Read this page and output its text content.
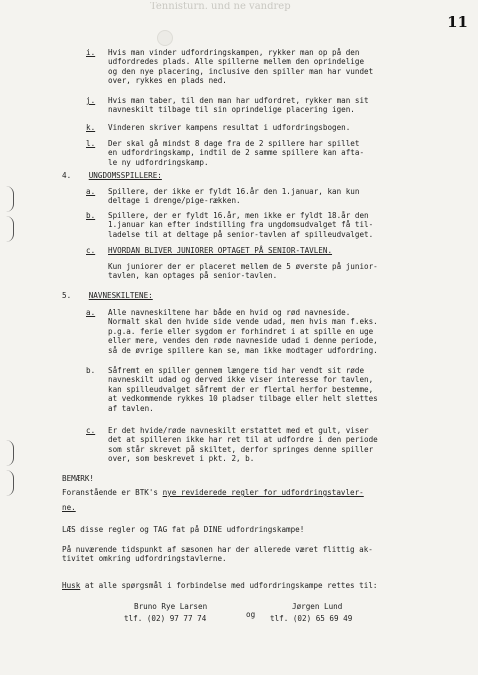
Tennisturn. und ne vandrep
11
i. Hvis man vinder udfordringskampen, rykker man op på den
udfordredes plads. Alle spillerne mellem den oprindelige
og den nye placering, inclusive den spiller man har vundet
over, rykkes en plads ned.
j. Hvis man taber, til den man har udfordret, rykker man sit
navneskilt tilbage til sin oprindelige placering igen.
k. Vinderen skriver kampens resultat i udfordringsbogen.
l. Der skal gå mindst 8 dage fra de 2 spillere har spillet
en udfordringskamp, indtil de 2 samme spillere kan afta-
le ny udfordringskamp.
4. UNGDOMSSPILLERE:
a. Spillere, der ikke er fyldt 16.år den 1.januar, kan kun
deltage i drenge/pige-rækken.
b. Spillere, der er fyldt 16.år, men ikke er fyldt 18.år den
1.januar kan efter indstilling fra ungdomsudvalget få til-
ladelse til at deltage på senior-tavlen af spilleudvalget.
c. HVORDAN BLIVER JUNIORER OPTAGET PÅ SENIOR-TAVLEN.
Kun juniorer der er placeret mellem de 5 øverste på junior-
tavlen, kan optages på senior-tavlen.
5. NAVNESKILTENE:
a. Alle navneskiltene har både en hvid og rød navneside.
Normalt skal den hvide side vende udad, men hvis man f.eks.
p.g.a. ferie eller sygdom er forhindret i at spille en uge
eller mere, vendes den røde navneside udad i denne periode,
så de øvrige spillere kan se, man ikke modtager udfordring.
b. Såfremt en spiller gennem længere tid har vendt sit røde
navneskilt udad og derved ikke viser interesse for tavlen,
kan spilleudvalget såfremt der er flertal herfor bestemme,
at vedkommende rykkes 10 pladser tilbage eller helt slettes
af tavlen.
c. Er det hvide/røde navneskilt erstattet med et gult, viser
det at spilleren ikke har ret til at udfordre i den periode
som står skrevet på skiltet, derfor springes denne spiller
over, som beskrevet i pkt. 2, b.
BEMÆRK!
Foranstående er BTK's nye reviderede regler for udfordringstavler-
ne.
LÆS disse regler og TAG fat på DINE udfordringskampe!
På nuværende tidspunkt af sæsonen har der allerede været flittig ak-
tivitet omkring udfordringstavlerne.
Husk at alle spørgsmål i forbindelse med udfordringskampe rettes til:
Bruno Rye Larsen
tlf. (02) 97 77 74	og
Jørgen Lund
tlf. (02) 65 69 49
